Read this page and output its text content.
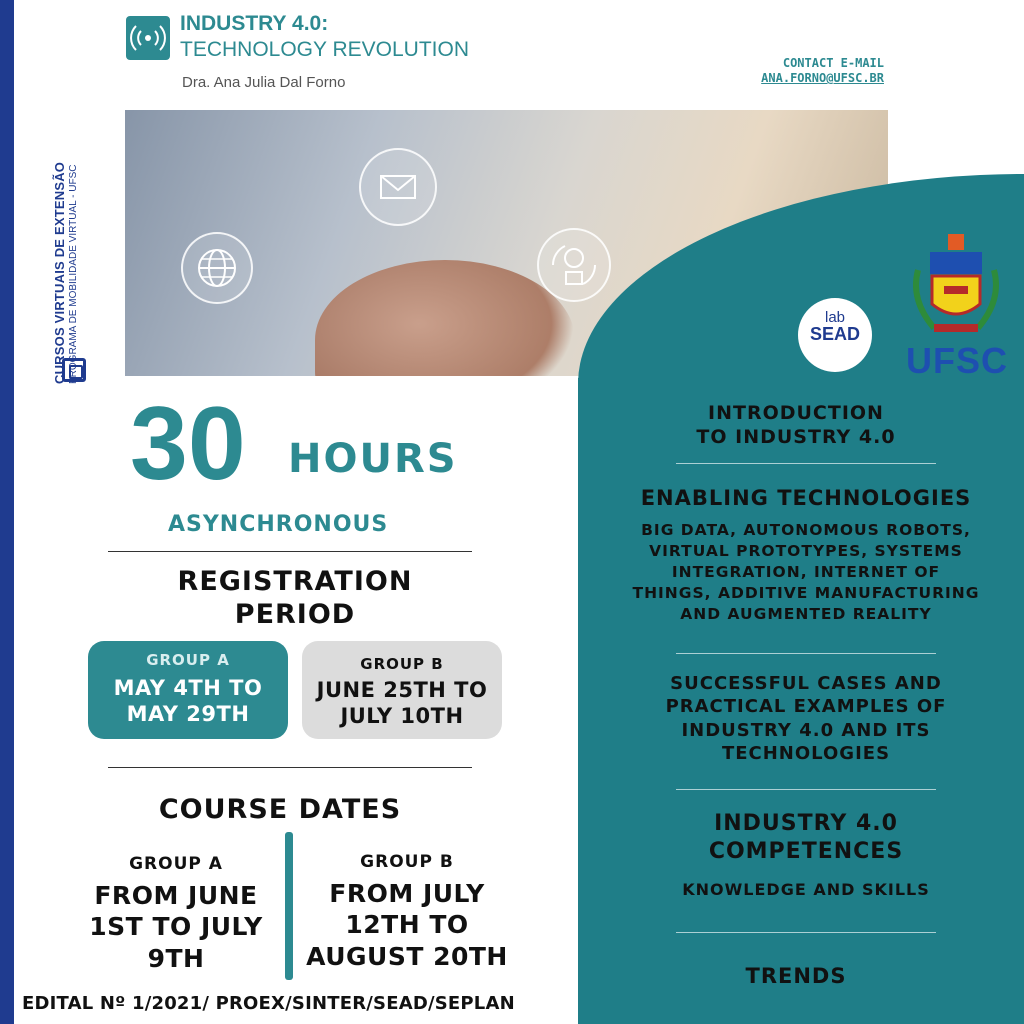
CURSOS VIRTUAIS DE EXTENSÃO PROGRAMA DE MOBILIDADE VIRTUAL - UFSC
INDUSTRY 4.0:
TECHNOLOGY REVOLUTION
Dra. Ana Julia Dal Forno
CONTACT E-MAIL
ANA.FORNO@UFSC.BR
lab
SEAD
UFSC
30 HOURS
ASYNCHRONOUS
REGISTRATION
PERIOD
GROUP A
MAY 4TH TO
MAY 29TH
GROUP B
JUNE 25TH TO
JULY 10TH
COURSE DATES
GROUP A
FROM JUNE
1ST TO JULY
9TH
GROUP B
FROM JULY
12TH TO
AUGUST 20TH
EDITAL Nº 1/2021/ PROEX/SINTER/SEAD/SEPLAN
INTRODUCTION
TO INDUSTRY 4.0
ENABLING TECHNOLOGIES
BIG DATA, AUTONOMOUS ROBOTS,
VIRTUAL PROTOTYPES, SYSTEMS
INTEGRATION, INTERNET OF
THINGS, ADDITIVE MANUFACTURING
AND AUGMENTED REALITY
SUCCESSFUL CASES AND
PRACTICAL EXAMPLES OF
INDUSTRY 4.0 AND ITS
TECHNOLOGIES
INDUSTRY 4.0
COMPETENCES
KNOWLEDGE AND SKILLS
TRENDS
